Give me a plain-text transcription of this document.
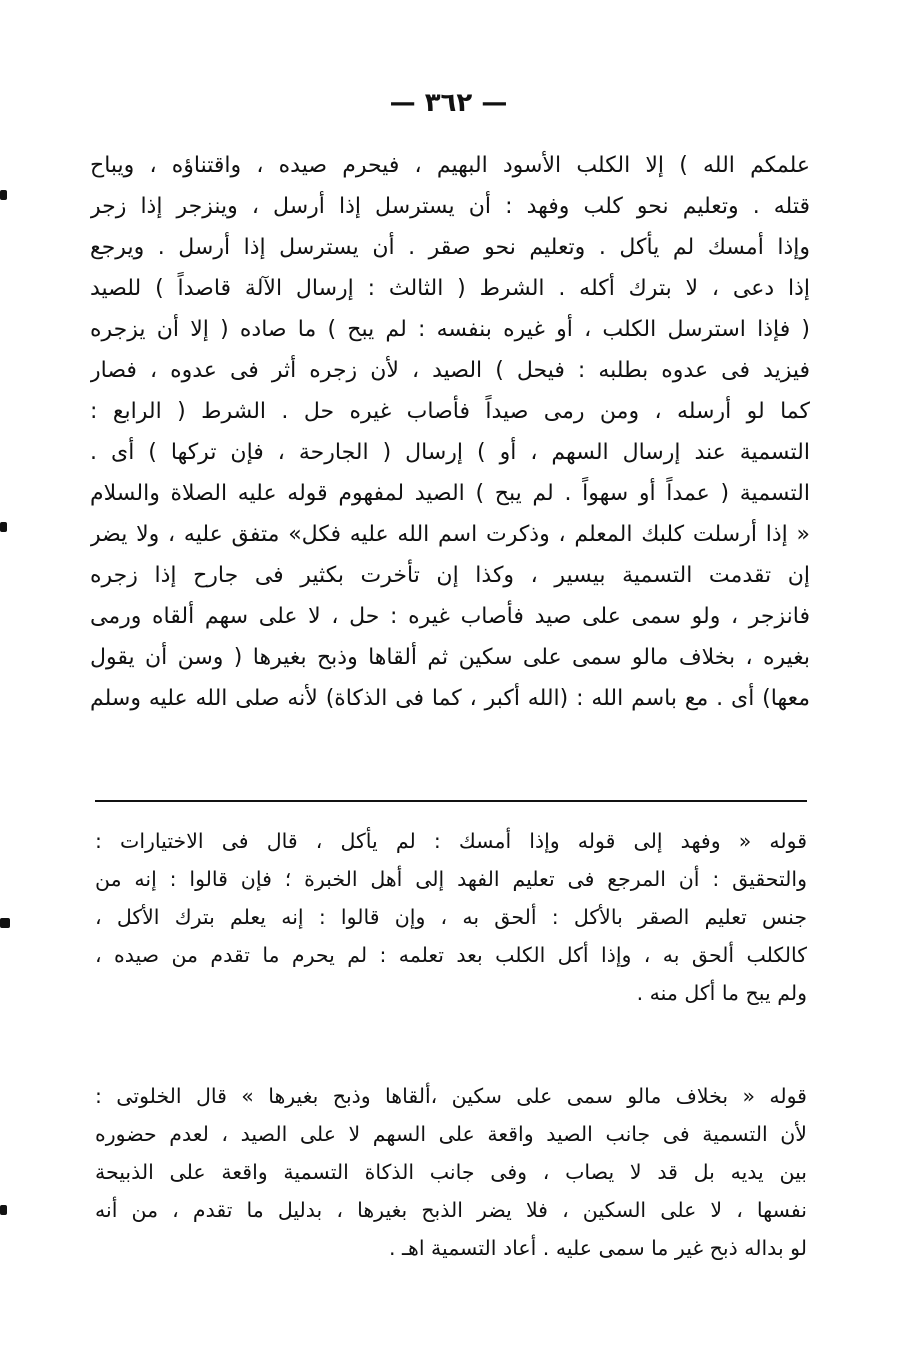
— ٣٦٢ —
علمكم الله ) إلا الكلب الأسود البهيم ، فيحرم صيده ، واقتناؤه ، ويباح
قتله . وتعليم نحو كلب وفهد : أن يسترسل إذا أرسل ، وينزجر إذا زجر
وإذا أمسك لم يأكل . وتعليم نحو صقر . أن يسترسل إذا أرسل . ويرجع
إذا دعى ، لا بترك أكله . الشرط ( الثالث : إرسال الآلة قاصداً ) للصيد
( فإذا استرسل الكلب ، أو غيره بنفسه : لم يبح ) ما صاده ( إلا أن يزجره
فيزيد فى عدوه بطلبه : فيحل ) الصيد ، لأن زجره أثر فى عدوه ، فصار
كما لو أرسله ، ومن رمى صيداً فأصاب غيره حل . الشرط ( الرابع :
التسمية عند إرسال السهم ، أو ) إرسال ( الجارحة ، فإن تركها ) أى .
التسمية ( عمداً أو سهواً . لم يبح ) الصيد لمفهوم قوله عليه الصلاة والسلام
« إذا أرسلت كلبك المعلم ، وذكرت اسم الله عليه فكل» متفق عليه ، ولا يضر
إن تقدمت التسمية بيسير ، وكذا إن تأخرت بكثير فى جارح إذا زجره
فانزجر ، ولو سمى على صيد فأصاب غيره : حل ، لا على سهم ألقاه ورمى
بغيره ، بخلاف مالو سمى على سكين ثم ألقاها وذبح بغيرها ( وسن أن يقول
معها) أى . مع باسم الله : (الله أكبر ، كما فى الذكاة) لأنه صلى الله عليه وسلم
قوله « وفهد إلى قوله وإذا أمسك : لم يأكل ، قال فى الاختيارات :
والتحقيق : أن المرجع فى تعليم الفهد إلى أهل الخبرة ؛ فإن قالوا : إنه من
جنس تعليم الصقر بالأكل : ألحق به ، وإن قالوا : إنه يعلم بترك الأكل ،
كالكلب ألحق به ، وإذا أكل الكلب بعد تعلمه : لم يحرم ما تقدم من صيده ،
ولم يبح ما أكل منه .
قوله « بخلاف مالو سمى على سكين ،ألقاها وذبح بغيرها » قال الخلوتى :
لأن التسمية فى جانب الصيد واقعة على السهم لا على الصيد ، لعدم حضوره
بين يديه بل قد لا يصاب ، وفى جانب الذكاة التسمية واقعة على الذبيحة
نفسها ، لا على السكين ، فلا يضر الذبح بغيرها ، بدليل ما تقدم ، من أنه
لو بداله ذبح غير ما سمى عليه . أعاد التسمية اهـ .
